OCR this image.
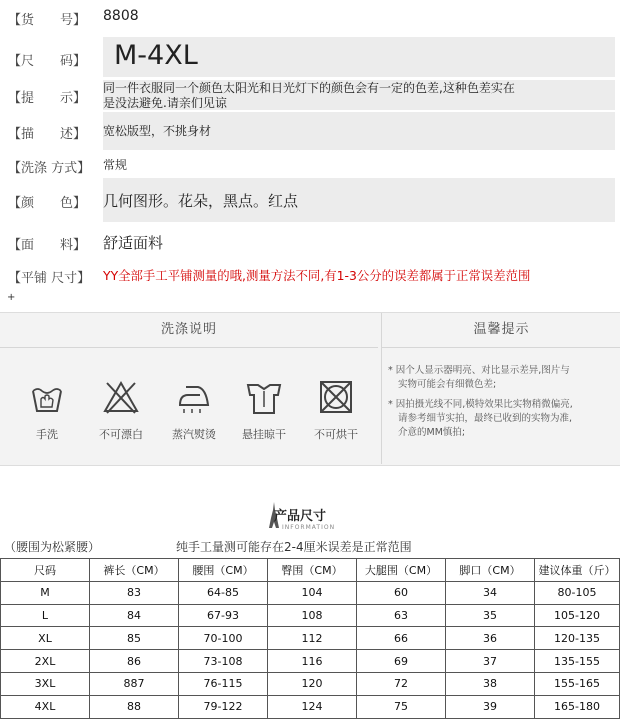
【货　　号】 8808
【尺　　码】 M-4XL
【提　　示】
同一件衣服同一个颜色太阳光和日光灯下的颜色会有一定的色差,这种色差实在
是没法避免.请亲们见谅
【描　　述】 宽松版型，不挑身材
【洗涤 方式】 常规
【颜　　色】 几何图形。花朵，黑点。红点
【面　　料】 舒适面料
【平铺 尺寸】 YY全部手工平铺测量的哦,测量方法不同,有1-3公分的误差都属于正常误差范围
+
洗涤说明	温馨提示
手洗	不可漂白	蒸汽熨烫	悬挂晾干	不可烘干
* 因个人显示器明亮、对比显示差异,图片与
实物可能会有细微色差;
* 因拍摄光线不同,模特效果比实物稍微偏亮,
请参考细节实拍，最终已收到的实物为准,
介意的MM慎拍;
产品尺寸
INFORMATION
（腰围为松紧腰）	纯手工量测可能存在2-4厘米误差是正常范围
尺码	裤长（CM）	腰围（CM）	臀围（CM）	大腿围（CM）	脚口（CM）	建议体重（斤）
M	83	64-85	104	60	34	80-105
L	84	67-93	108	63	35	105-120
XL	85	70-100	112	66	36	120-135
2XL	86	73-108	116	69	37	135-155
3XL	887	76-115	120	72	38	155-165
4XL	88	79-122	124	75	39	165-180
